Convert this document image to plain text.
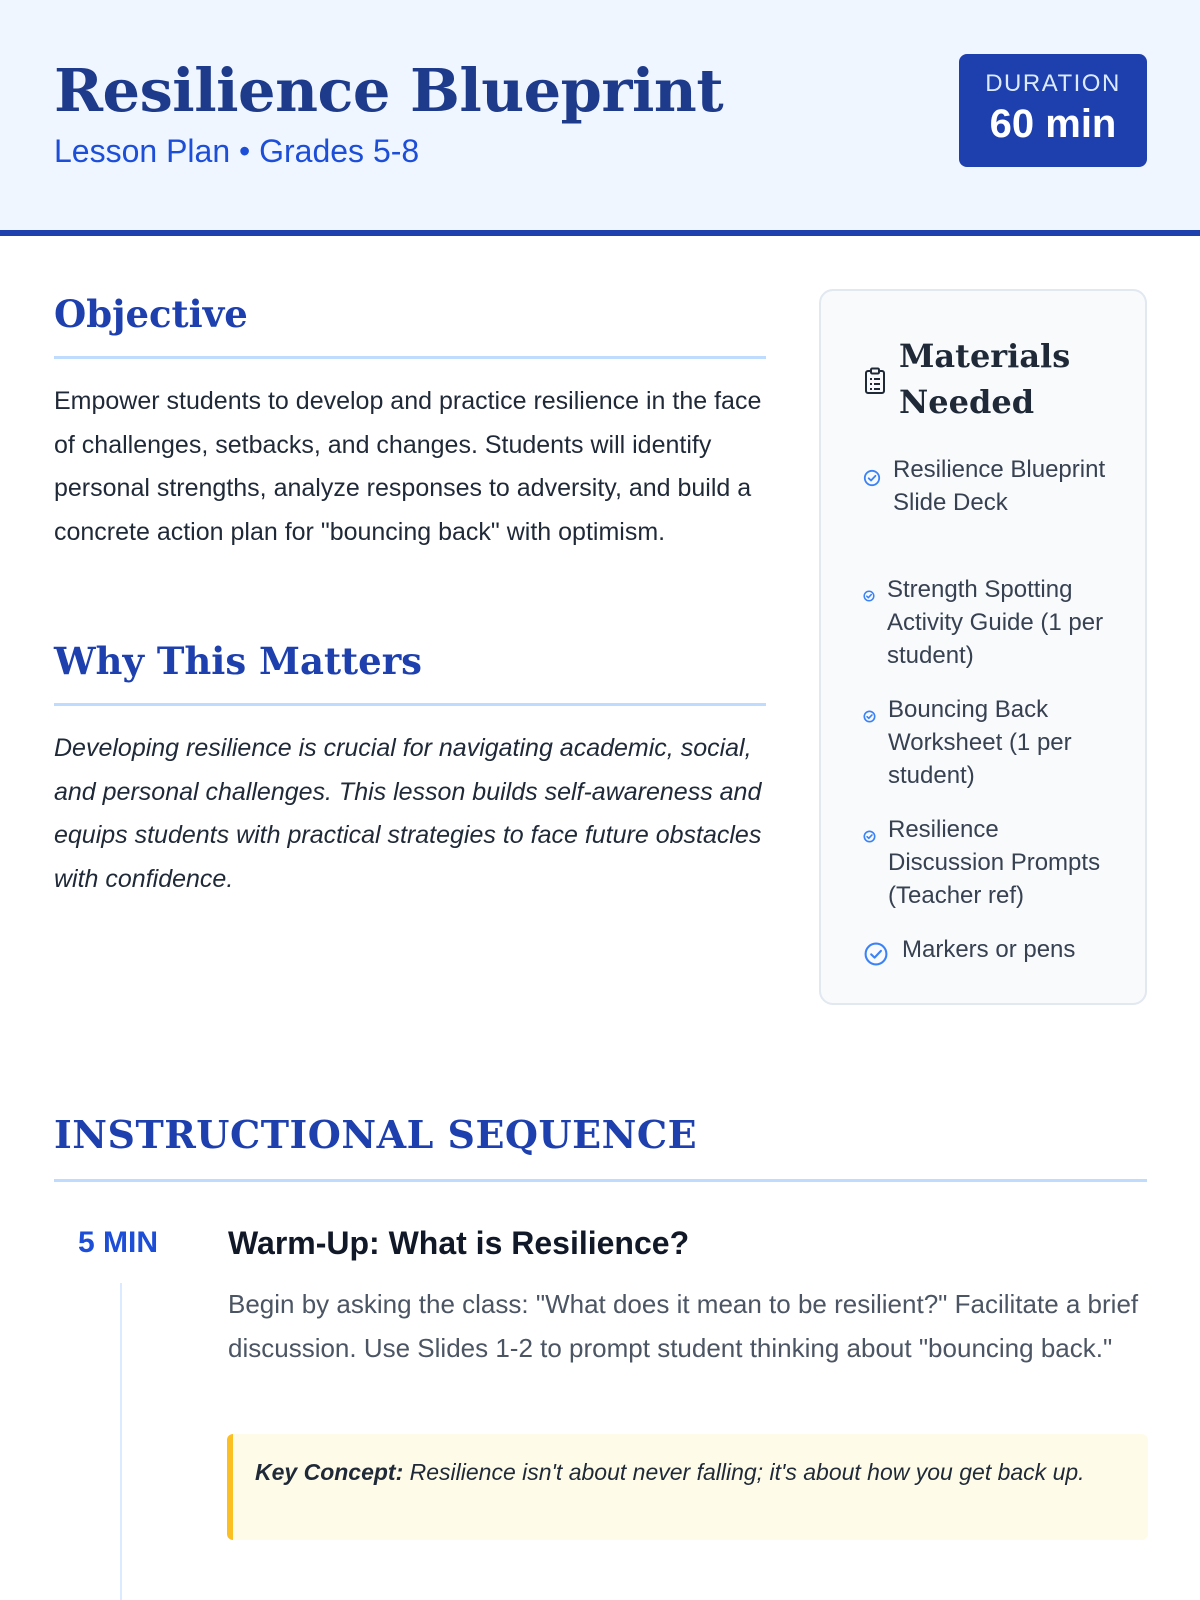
Resilience Blueprint
Lesson Plan • Grades 5-8
DURATION
60 min
Objective
Empower students to develop and practice resilience in the face of challenges, setbacks, and changes. Students will identify personal strengths, analyze responses to adversity, and build a concrete action plan for "bouncing back" with optimism.
Why This Matters
Developing resilience is crucial for navigating academic, social, and personal challenges. This lesson builds self-awareness and equips students with practical strategies to face future obstacles with confidence.
Materials Needed
Resilience Blueprint Slide Deck
Strength Spotting Activity Guide (1 per student)
Bouncing Back Worksheet (1 per student)
Resilience Discussion Prompts (Teacher ref)
Markers or pens
INSTRUCTIONAL SEQUENCE
5 MIN Warm-Up: What is Resilience?
Begin by asking the class: "What does it mean to be resilient?" Facilitate a brief discussion. Use Slides 1-2 to prompt student thinking about "bouncing back."
Key Concept: Resilience isn't about never falling; it's about how you get back up.
